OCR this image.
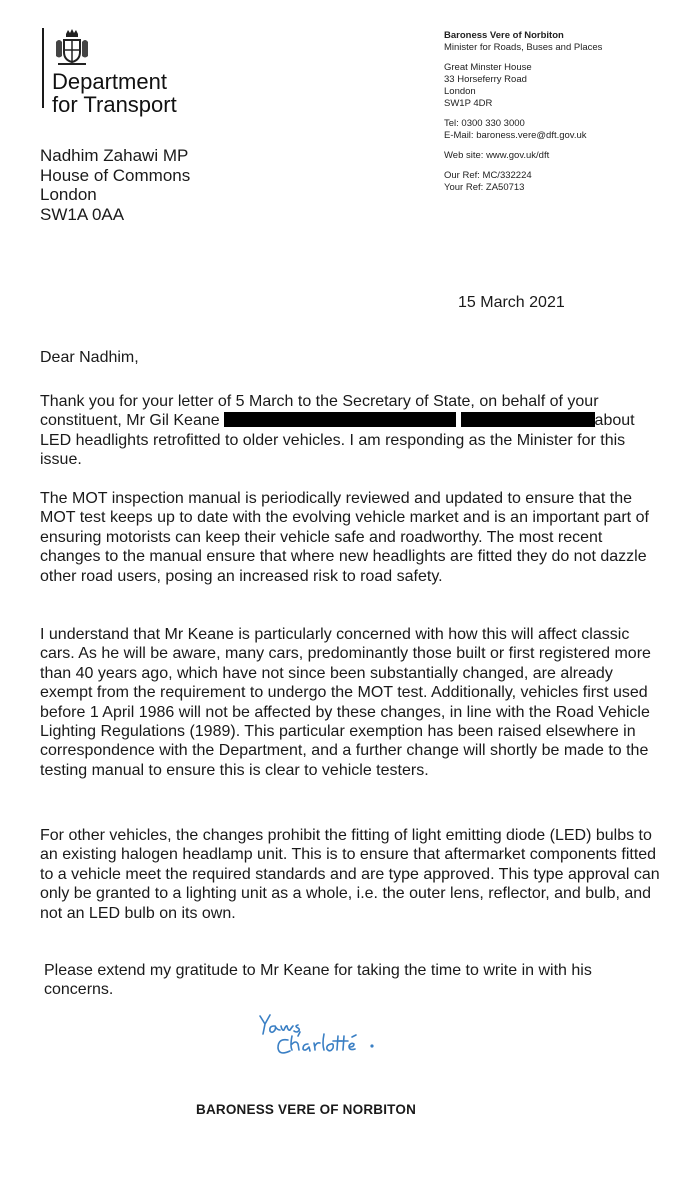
Department
for Transport
Baroness Vere of Norbiton
Minister for Roads, Buses and Places
Great Minster House
33 Horseferry Road
London
SW1P 4DR
Tel: 0300 330 3000
E-Mail: baroness.vere@dft.gov.uk
Web site: www.gov.uk/dft
Our Ref: MC/332224
Your Ref: ZA50713
Nadhim Zahawi MP
House of Commons
London
SW1A 0AA
15 March 2021
Dear Nadhim,
Thank you for your letter of 5 March to the Secretary of State, on behalf of your constituent, Mr Gil Keane	about LED headlights retrofitted to older vehicles. I am responding as the Minister for this issue.
The MOT inspection manual is periodically reviewed and updated to ensure that the MOT test keeps up to date with the evolving vehicle market and is an important part of ensuring motorists can keep their vehicle safe and roadworthy. The most recent changes to the manual ensure that where new headlights are fitted they do not dazzle other road users, posing an increased risk to road safety.
I understand that Mr Keane is particularly concerned with how this will affect classic cars. As he will be aware, many cars, predominantly those built or first registered more than 40 years ago, which have not since been substantially changed, are already exempt from the requirement to undergo the MOT test. Additionally, vehicles first used before 1 April 1986 will not be affected by these changes, in line with the Road Vehicle Lighting Regulations (1989). This particular exemption has been raised elsewhere in correspondence with the Department, and a further change will shortly be made to the testing manual to ensure this is clear to vehicle testers.
For other vehicles, the changes prohibit the fitting of light emitting diode (LED) bulbs to an existing halogen headlamp unit. This is to ensure that aftermarket components fitted to a vehicle meet the required standards and are type approved. This type approval can only be granted to a lighting unit as a whole, i.e. the outer lens, reflector, and bulb, and not an LED bulb on its own.
Please extend my gratitude to Mr Keane for taking the time to write in with his concerns.
BARONESS VERE OF NORBITON
